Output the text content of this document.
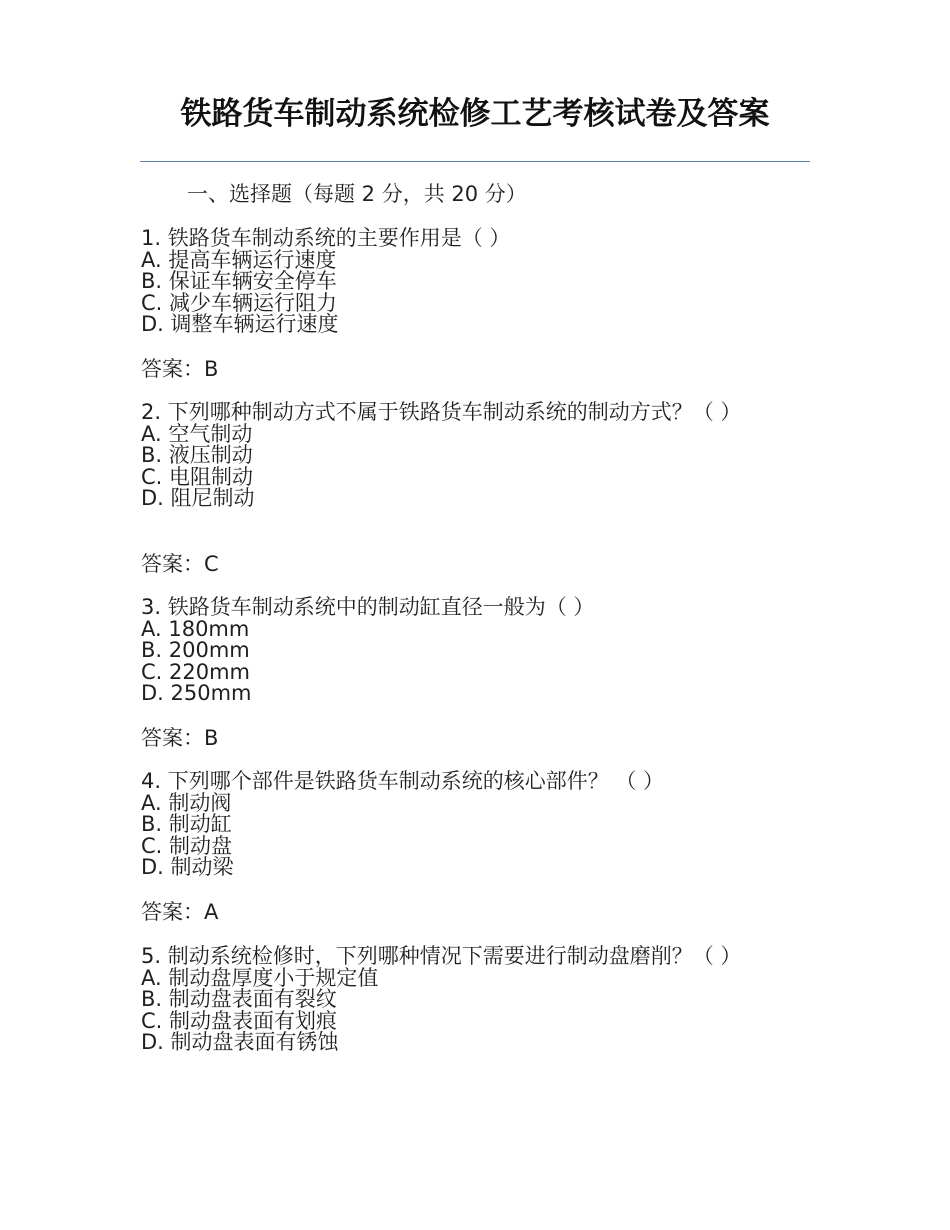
铁路货车制动系统检修工艺考核试卷及答案
一、选择题（每题 2 分，共 20 分）

1. 铁路货车制动系统的主要作用是（ ）

A. 提高车辆运行速度

B. 保证车辆安全停车

C. 减少车辆运行阻力

D. 调整车辆运行速度

答案：B

2. 下列哪种制动方式不属于铁路货车制动系统的制动方式？（ ）

A. 空气制动

B. 液压制动

C. 电阻制动

D. 阻尼制动

答案：C

3. 铁路货车制动系统中的制动缸直径一般为（ ）

A. 180mm

B. 200mm

C. 220mm

D. 250mm

答案：B

4. 下列哪个部件是铁路货车制动系统的核心部件？ （ ）

A. 制动阀

B. 制动缸

C. 制动盘

D. 制动梁

答案：A

5. 制动系统检修时，下列哪种情况下需要进行制动盘磨削？（ ）

A. 制动盘厚度小于规定值

B. 制动盘表面有裂纹

C. 制动盘表面有划痕

D. 制动盘表面有锈蚀
